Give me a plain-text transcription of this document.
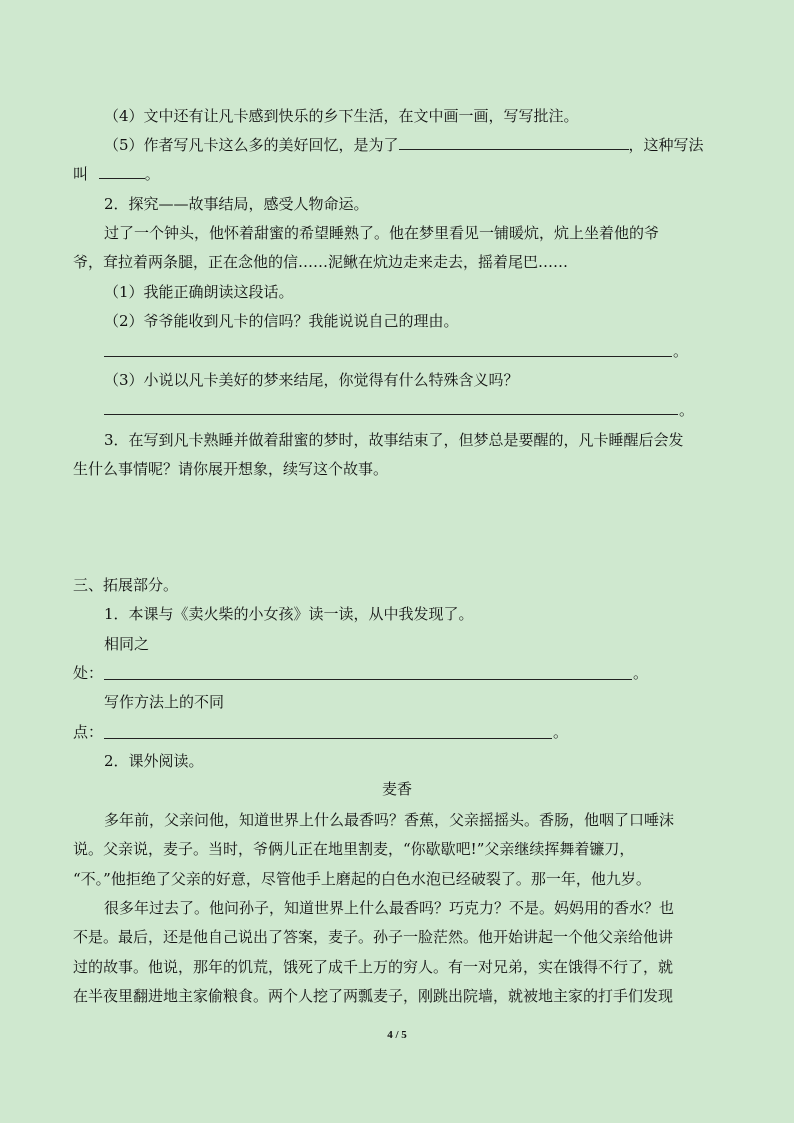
（4）文中还有让凡卡感到快乐的乡下生活，在文中画一画，写写批注。
（5）作者写凡卡这么多的美好回忆，是为了	，这种写法
叫	。
2．探究——故事结局，感受人物命运。
过了一个钟头，他怀着甜蜜的希望睡熟了。他在梦里看见一铺暖炕，炕上坐着他的爷
爷，耷拉着两条腿，正在念他的信……泥鳅在炕边走来走去，摇着尾巴……
（1）我能正确朗读这段话。
（2）爷爷能收到凡卡的信吗？我能说说自己的理由。
。
（3）小说以凡卡美好的梦来结尾，你觉得有什么特殊含义吗？
。
3．在写到凡卡熟睡并做着甜蜜的梦时，故事结束了，但梦总是要醒的，凡卡睡醒后会发
生什么事情呢？请你展开想象，续写这个故事。
三、拓展部分。
1．本课与《卖火柴的小女孩》读一读，从中我发现了。
相同之
处：	。
写作方法上的不同
点：	。
2．课外阅读。
麦香
多年前，父亲问他，知道世界上什么最香吗？香蕉，父亲摇摇头。香肠，他咽了口唾沫
说。父亲说，麦子。当时，爷俩儿正在地里割麦，“你歇歇吧!”父亲继续挥舞着镰刀，
“不。”他拒绝了父亲的好意，尽管他手上磨起的白色水泡已经破裂了。那一年，他九岁。
很多年过去了。他问孙子，知道世界上什么最香吗？巧克力？不是。妈妈用的香水？也
不是。最后，还是他自己说出了答案，麦子。孙子一脸茫然。他开始讲起一个他父亲给他讲
过的故事。他说，那年的饥荒，饿死了成千上万的穷人。有一对兄弟，实在饿得不行了，就
在半夜里翻进地主家偷粮食。两个人挖了两瓢麦子，刚跳出院墙，就被地主家的打手们发现
4 / 5
